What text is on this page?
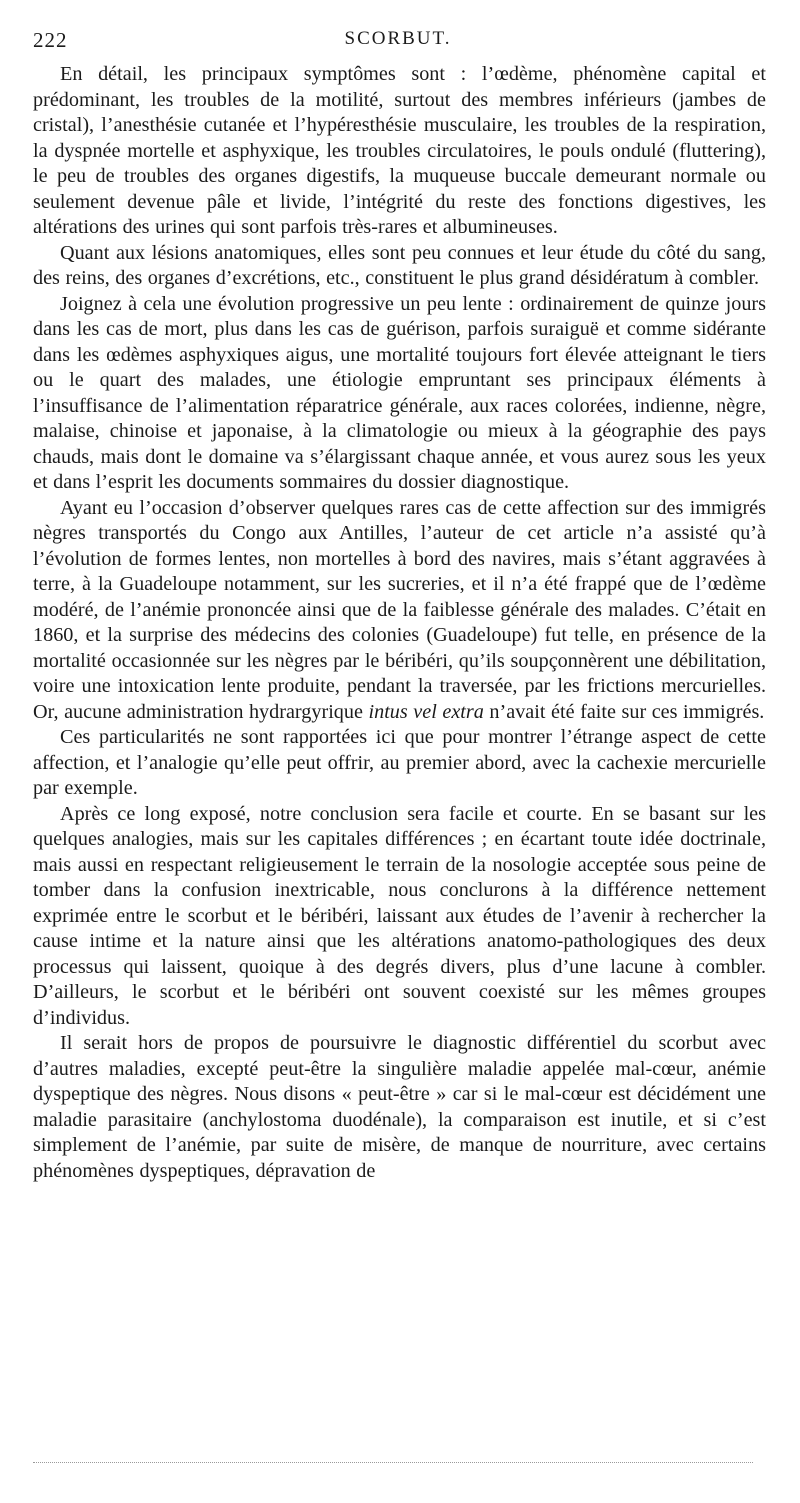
222	SCORBUT.

En détail, les principaux symptômes sont : l’œdème, phénomène capital et prédominant, les troubles de la motilité, surtout des membres inférieurs (jambes de cristal), l’anesthésie cutanée et l’hypéresthésie musculaire, les troubles de la respiration, la dyspnée mortelle et asphyxique, les troubles circulatoires, le pouls ondulé (fluttering), le peu de troubles des organes digestifs, la muqueuse buccale demeurant normale ou seulement devenue pâle et livide, l’intégrité du reste des fonctions digestives, les altérations des urines qui sont parfois très-rares et albumineuses.

Quant aux lésions anatomiques, elles sont peu connues et leur étude du côté du sang, des reins, des organes d’excrétions, etc., constituent le plus grand désidératum à combler.

Joignez à cela une évolution progressive un peu lente : ordinairement de quinze jours dans les cas de mort, plus dans les cas de guérison, parfois suraiguë et comme sidérante dans les œdèmes asphyxiques aigus, une mortalité toujours fort élevée atteignant le tiers ou le quart des malades, une étiologie empruntant ses principaux éléments à l’insuffisance de l’alimentation réparatrice générale, aux races colorées, indienne, nègre, malaise, chinoise et japonaise, à la climatologie ou mieux à la géographie des pays chauds, mais dont le domaine va s’élargissant chaque année, et vous aurez sous les yeux et dans l’esprit les documents sommaires du dossier diagnostique.

Ayant eu l’occasion d’observer quelques rares cas de cette affection sur des immigrés nègres transportés du Congo aux Antilles, l’auteur de cet article n’a assisté qu’à l’évolution de formes lentes, non mortelles à bord des navires, mais s’étant aggravées à terre, à la Guadeloupe notamment, sur les sucreries, et il n’a été frappé que de l’œdème modéré, de l’anémie prononcée ainsi que de la faiblesse générale des malades. C’était en 1860, et la surprise des médecins des colonies (Guadeloupe) fut telle, en présence de la mortalité occasionnée sur les nègres par le béribéri, qu’ils soupçonnèrent une débilitation, voire une intoxication lente produite, pendant la traversée, par les frictions mercurielles. Or, aucune administration hydrargyrique intus vel extra n’avait été faite sur ces immigrés.

Ces particularités ne sont rapportées ici que pour montrer l’étrange aspect de cette affection, et l’analogie qu’elle peut offrir, au premier abord, avec la cachexie mercurielle par exemple.

Après ce long exposé, notre conclusion sera facile et courte. En se basant sur les quelques analogies, mais sur les capitales différences ; en écartant toute idée doctrinale, mais aussi en respectant religieusement le terrain de la nosologie acceptée sous peine de tomber dans la confusion inextricable, nous conclurons à la différence nettement exprimée entre le scorbut et le béribéri, laissant aux études de l’avenir à rechercher la cause intime et la nature ainsi que les altérations anatomo-pathologiques des deux processus qui laissent, quoique à des degrés divers, plus d’une lacune à combler. D’ailleurs, le scorbut et le béribéri ont souvent coexisté sur les mêmes groupes d’individus.

Il serait hors de propos de poursuivre le diagnostic différentiel du scorbut avec d’autres maladies, excepté peut-être la singulière maladie appelée mal-cœur, anémie dyspeptique des nègres. Nous disons « peut-être » car si le mal-cœur est décidément une maladie parasitaire (anchylostoma duodénale), la comparaison est inutile, et si c’est simplement de l’anémie, par suite de misère, de manque de nourriture, avec certains phénomènes dyspeptiques, dépravation de
